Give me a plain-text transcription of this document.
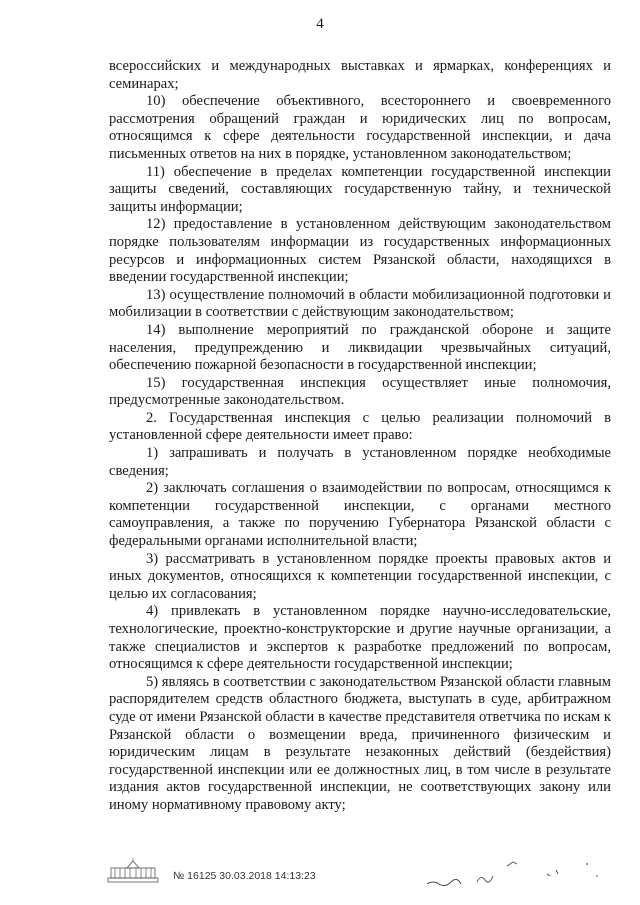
4

всероссийских и международных выставках и ярмарках, конференциях и семинарах;

10) обеспечение объективного, всестороннего и своевременного рассмотрения обращений граждан и юридических лиц по вопросам, относящимся к сфере деятельности государственной инспекции, и дача письменных ответов на них в порядке, установленном законодательством;

11) обеспечение в пределах компетенции государственной инспекции защиты сведений, составляющих государственную тайну, и технической защиты информации;

12) предоставление в установленном действующим законодательством порядке пользователям информации из государственных информационных ресурсов и информационных систем Рязанской области, находящихся в введении государственной инспекции;

13) осуществление полномочий в области мобилизационной подготовки и мобилизации в соответствии с действующим законодательством;

14) выполнение мероприятий по гражданской обороне и защите населения, предупреждению и ликвидации чрезвычайных ситуаций, обеспечению пожарной безопасности в государственной инспекции;

15) государственная инспекция осуществляет иные полномочия, предусмотренные законодательством.

2. Государственная инспекция с целью реализации полномочий в установленной сфере деятельности имеет право:

1) запрашивать и получать в установленном порядке необходимые сведения;

2) заключать соглашения о взаимодействии по вопросам, относящимся к компетенции государственной инспекции, с органами местного самоуправления, а также по поручению Губернатора Рязанской области с федеральными органами исполнительной власти;

3) рассматривать в установленном порядке проекты правовых актов и иных документов, относящихся к компетенции государственной инспекции, с целью их согласования;

4) привлекать в установленном порядке научно-исследовательские, технологические, проектно-конструкторские и другие научные организации, а также специалистов и экспертов к разработке предложений по вопросам, относящимся к сфере деятельности государственной инспекции;

5) являясь в соответствии с законодательством Рязанской области главным распорядителем средств областного бюджета, выступать в суде, арбитражном суде от имени Рязанской области в качестве представителя ответчика по искам к Рязанской области о возмещении вреда, причиненного физическим и юридическим лицам в результате незаконных действий (бездействия) государственной инспекции или ее должностных лиц, в том числе в результате издания актов государственной инспекции, не соответствующих закону или иному нормативному правовому акту;

№ 16125 30.03.2018 14:13:23
